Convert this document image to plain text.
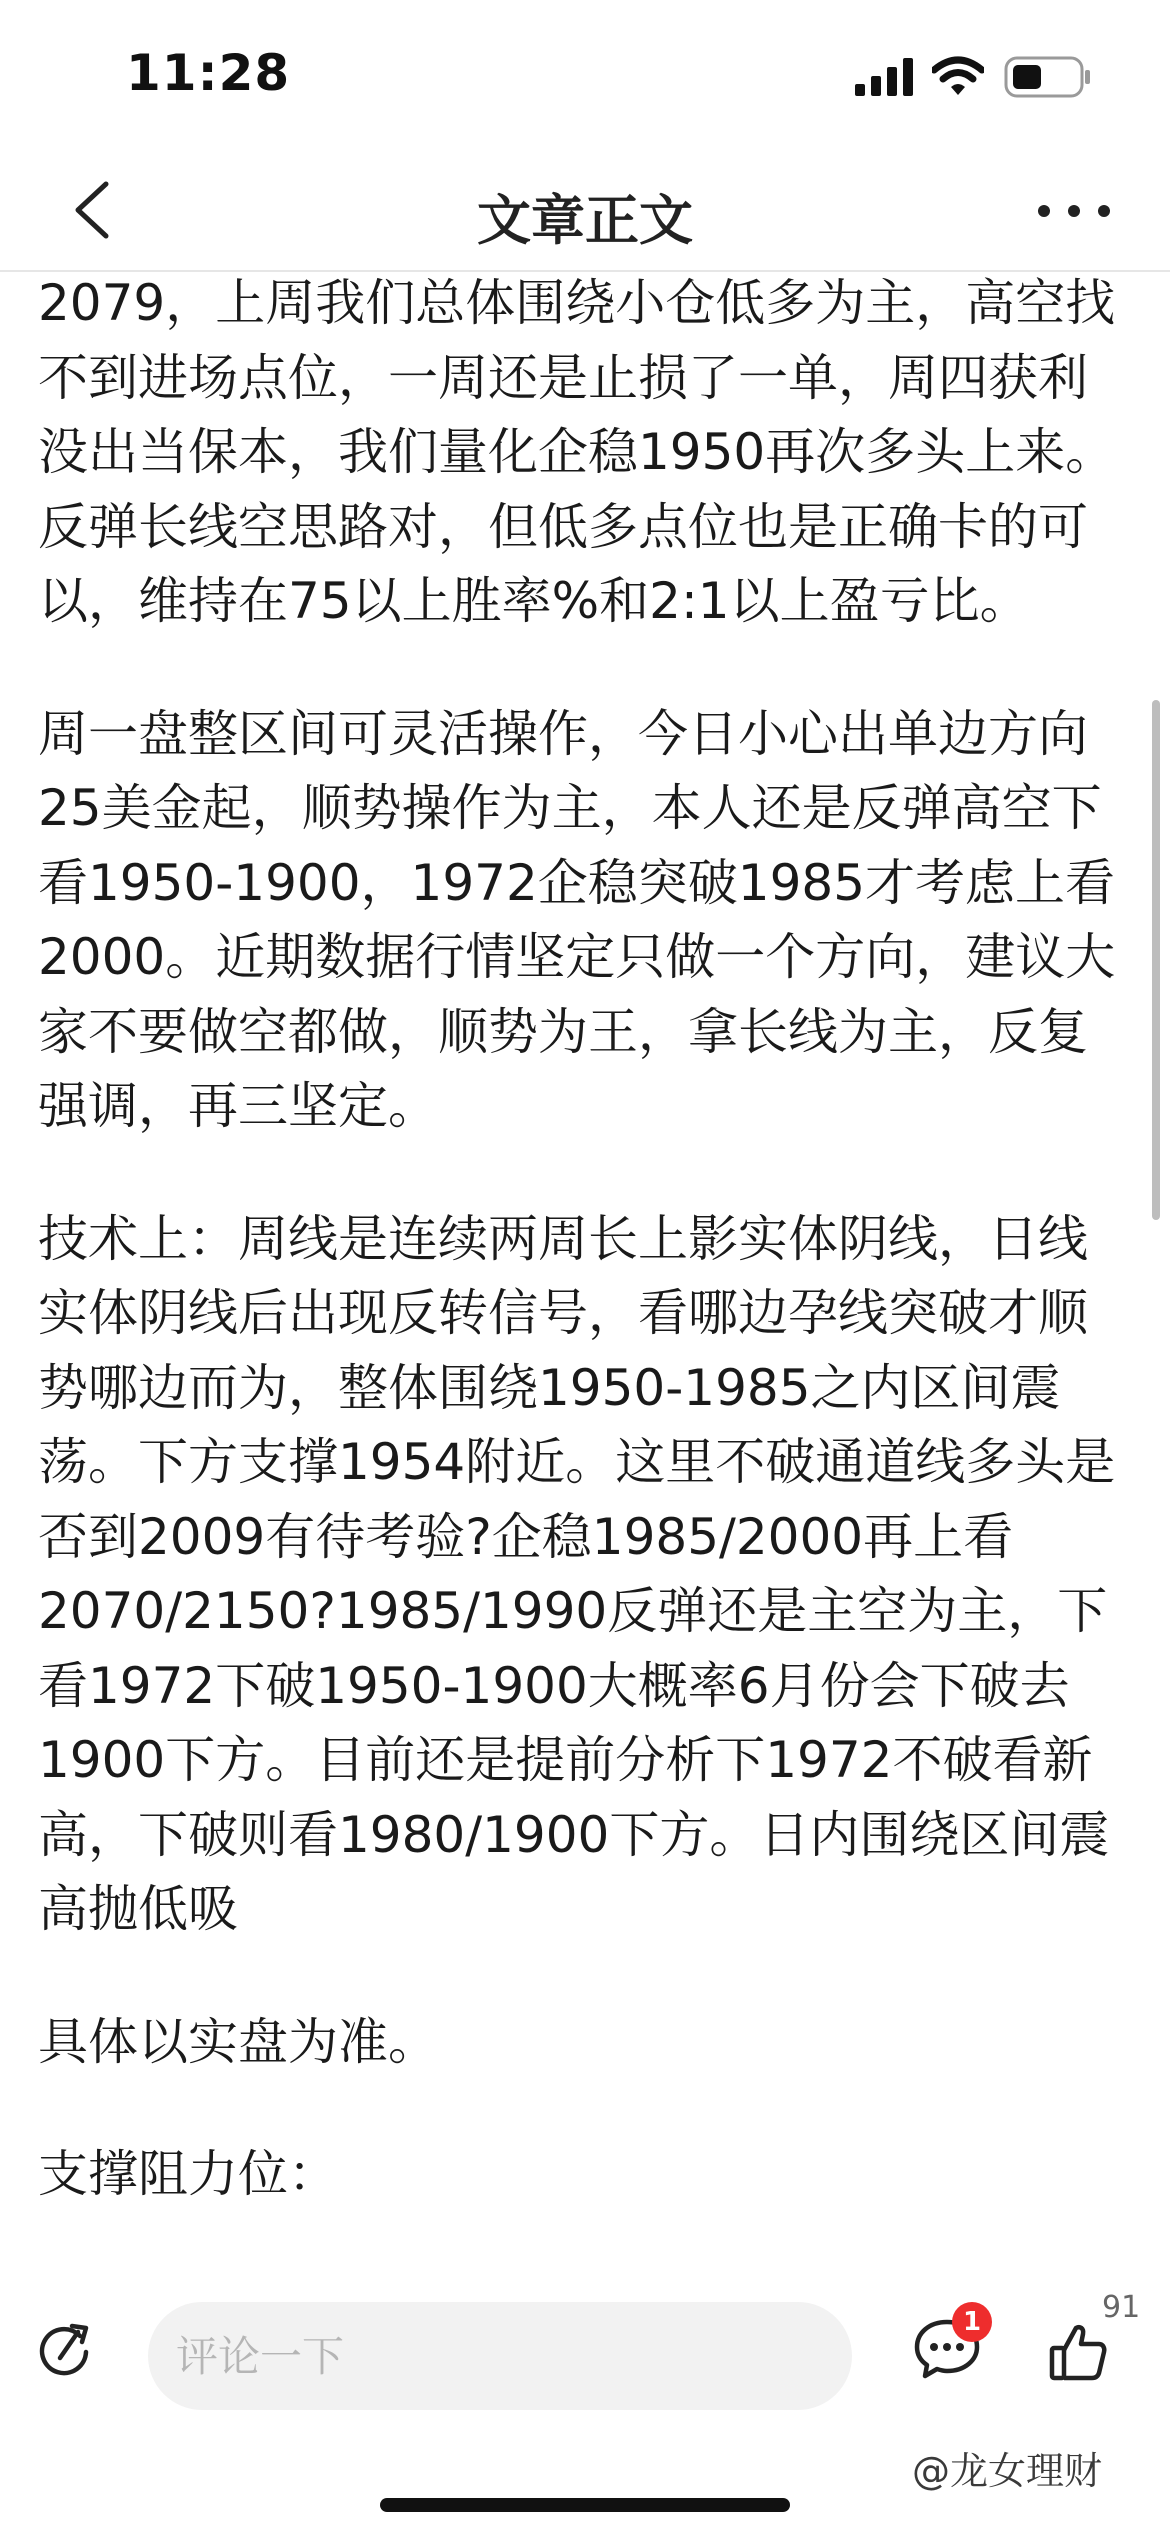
11:28
文章正文

2079，上周我们总体围绕小仓低多为主，高空找不到进场点位，一周还是止损了一单，周四获利没出当保本，我们量化企稳1950再次多头上来。反弹长线空思路对，但低多点位也是正确卡的可以，维持在75以上胜率%和2:1以上盈亏比。

周一盘整区间可灵活操作，今日小心出单边方向25美金起，顺势操作为主，本人还是反弹高空下看1950-1900，1972企稳突破1985才考虑上看2000。近期数据行情坚定只做一个方向，建议大家不要做空都做，顺势为王，拿长线为主，反复强调，再三坚定。

技术上：周线是连续两周长上影实体阴线，日线实体阴线后出现反转信号，看哪边孕线突破才顺势哪边而为，整体围绕1950-1985之内区间震荡。下方支撑1954附近。这里不破通道线多头是否到2009有待考验?企稳1985/2000再上看2070/2150?1985/1990反弹还是主空为主，下看1972下破1950-1900大概率6月份会下破去1900下方。目前还是提前分析下1972不破看新高，下破则看1980/1900下方。日内围绕区间震高抛低吸

具体以实盘为准。

支撑阻力位：

评论一下
1	91
@龙女理财
